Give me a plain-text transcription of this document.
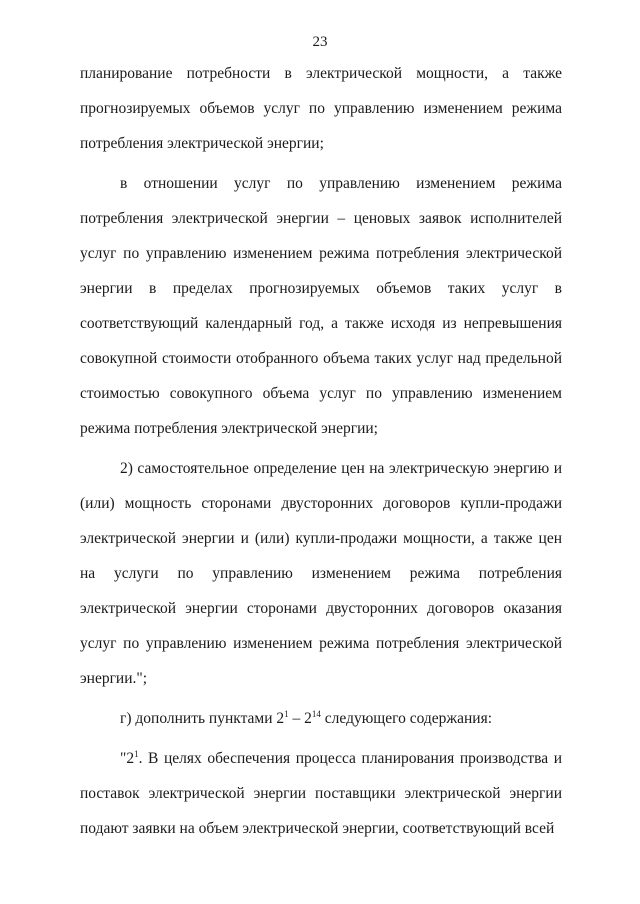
23

планирование потребности в электрической мощности, а также прогнозируемых объемов услуг по управлению изменением режима потребления электрической энергии;

в отношении услуг по управлению изменением режима потребления электрической энергии – ценовых заявок исполнителей услуг по управлению изменением режима потребления электрической энергии в пределах прогнозируемых объемов таких услуг в соответствующий календарный год, а также исходя из непревышения совокупной стоимости отобранного объема таких услуг над предельной стоимостью совокупного объема услуг по управлению изменением режима потребления электрической энергии;

2) самостоятельное определение цен на электрическую энергию и (или) мощность сторонами двусторонних договоров купли-продажи электрической энергии и (или) купли-продажи мощности, а также цен на услуги по управлению изменением режима потребления электрической энергии сторонами двусторонних договоров оказания услуг по управлению изменением режима потребления электрической энергии.";

г) дополнить пунктами $2^1 - 2^{14}$ следующего содержания:

"$2^1$. В целях обеспечения процесса планирования производства и поставок электрической энергии поставщики электрической энергии подают заявки на объем электрической энергии, соответствующий всей
